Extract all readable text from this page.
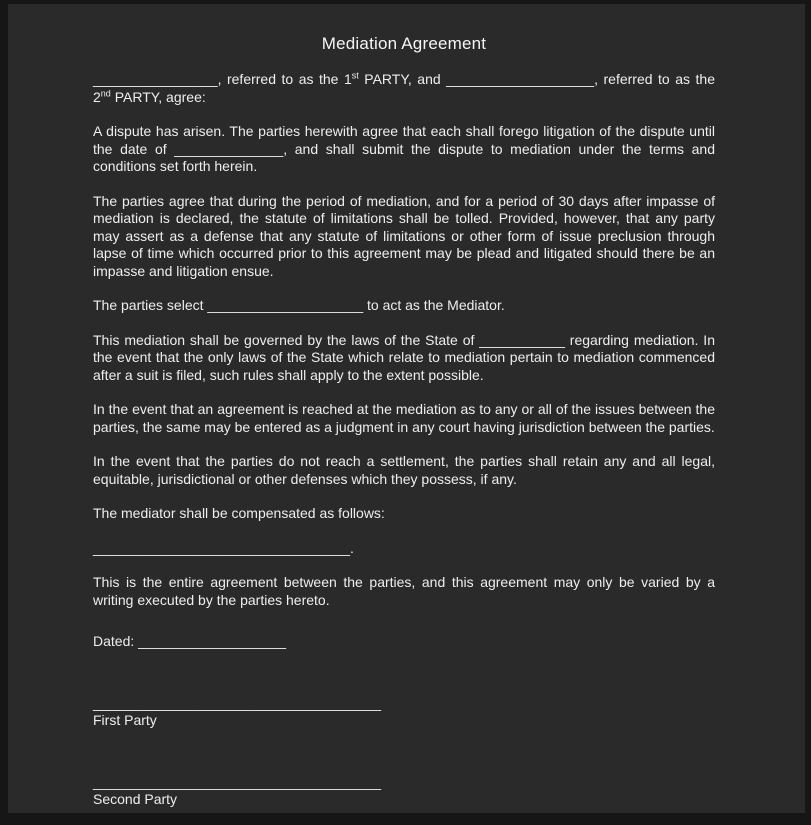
Mediation Agreement

________________, referred to as the 1st PARTY, and ___________________, referred to as the 2nd PARTY, agree:

A dispute has arisen. The parties herewith agree that each shall forego litigation of the dispute until the date of ______________, and shall submit the dispute to mediation under the terms and conditions set forth herein.

The parties agree that during the period of mediation, and for a period of 30 days after impasse of mediation is declared, the statute of limitations shall be tolled. Provided, however, that any party may assert as a defense that any statute of limitations or other form of issue preclusion through lapse of time which occurred prior to this agreement may be plead and litigated should there be an impasse and litigation ensue.

The parties select ____________________ to act as the Mediator.

This mediation shall be governed by the laws of the State of ___________ regarding mediation. In the event that the only laws of the State which relate to mediation pertain to mediation commenced after a suit is filed, such rules shall apply to the extent possible.

In the event that an agreement is reached at the mediation as to any or all of the issues between the parties, the same may be entered as a judgment in any court having jurisdiction between the parties.

In the event that the parties do not reach a settlement, the parties shall retain any and all legal, equitable, jurisdictional or other defenses which they possess, if any.

The mediator shall be compensated as follows:

_________________________________.

This is the entire agreement between the parties, and this agreement may only be varied by a writing executed by the parties hereto.

Dated: ___________________

_____________________________________
First Party
_____________________________________
Second Party
